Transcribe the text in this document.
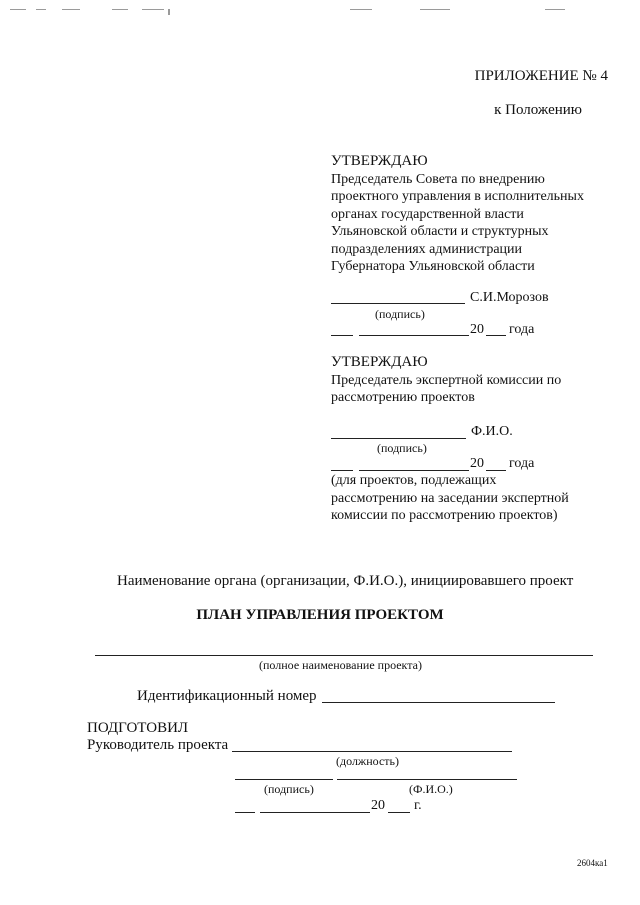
ПРИЛОЖЕНИЕ № 4
к Положению
УТВЕРЖДАЮ
Председатель Совета по внедрению
проектного управления в исполнительных
органах государственной власти
Ульяновской области и структурных
подразделениях администрации
Губернатора Ульяновской области
С.И.Морозов
(подпись)
20 года
УТВЕРЖДАЮ
Председатель экспертной комиссии по
рассмотрению проектов
Ф.И.О.
(подпись)
20 года
(для проектов, подлежащих
рассмотрению на заседании экспертной
комиссии по рассмотрению проектов)
Наименование органа (организации, Ф.И.О.), инициировавшего проект
ПЛАН УПРАВЛЕНИЯ ПРОЕКТОМ
(полное наименование проекта)
Идентификационный номер
ПОДГОТОВИЛ
Руководитель проекта
(должность)
(подпись)	(Ф.И.О.)
20 г.
2604ка1
